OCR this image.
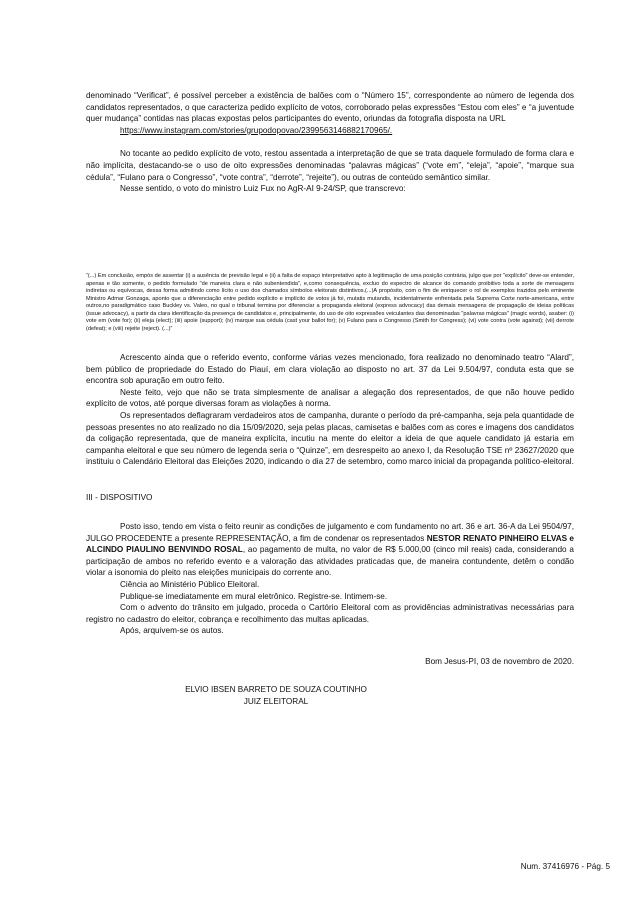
denominado “Verificat”, é possível perceber a existência de balões com o “Número 15”, correspondente ao número de legenda dos candidatos representados, o que caracteriza pedido explícito de votos, corroborado pelas expressões “Estou com eles” e “a juventude quer mudança” contidas nas placas expostas pelos participantes do evento, oriundas da fotografia disposta na URL

https://www.instagram.com/stories/grupodopovao/2399563146882170965/.

No tocante ao pedido explícito de voto, restou assentada a interpretação de que se trata daquele formulado de forma clara e não implícita, destacando-se o uso de oito expressões denominadas “palavras mágicas” (“vote em”, “eleja”, “apoie”, “marque sua cédula”, “Fulano para o Congresso”, “vote contra”, “derrote”, “rejeite”), ou outras de conteúdo semântico similar.

Nesse sentido, o voto do ministro Luiz Fux no AgR-AI 9-24/SP, que transcrevo:

“(...) Em conclusão, empós de assentar (i) a ausência de previsão legal e (ii) a falta de espaço interpretativo apto à legitimação de uma posição contrária, julgo que por "explícito" deve-se entender, apenas e tão somente, o pedido formulado "de maneira clara e não subentendida", e,como consequência, excluo do espectro de alcance do comando proibitivo toda a sorte de mensagens indiretas ou equívocas, dessa forma admitindo como lícito o uso dos chamados símbolos eleitorais distintivos.(...)A propósito, com o fim de enriquecer o rol de exemplos trazidos pelo eminente Ministro Admar Gonzaga, aponto que a diferenciação entre pedido explícito e implícito de votos já foi, mutatis mutandis, incidentalmente enfrentada pela Suprema Corte norte-americana, entre outros,no paradigmático caso Buckley vs. Valeo, no qual o tribunal termina por diferenciar a propaganda eleitoral (express advocacy) das demais mensagens de propagação de ideias políticas (issue advocacy), a partir da clara identificação da presença de candidatos e, principalmente, do uso de oito expressões veiculantes das denominadas "palavras mágicas" (magic words), asaber: (i) vote em (vote for); (ii) eleja (elect); (iii) apoie (support); (iv) marque sua cédula (cast your ballot for); (v) Fulano para o Congresso (Smith for Congress); (vi) vote contra (vote against); (vii) derrote (defeat); e (viii) rejeite (reject). (...)”

Acrescento ainda que o referido evento, conforme várias vezes mencionado, fora realizado no denominado teatro “Alard”, bem público de propriedade do Estado do Piauí, em clara violação ao disposto no art. 37 da Lei 9.504/97, conduta esta que se encontra sob apuração em outro feito.

Neste feito, vejo que não se trata simplesmente de analisar a alegação dos representados, de que não houve pedido explícito de votos, até porque diversas foram as violações à norma.

Os representados deflagraram verdadeiros atos de campanha, durante o período da pré-campanha, seja pela quantidade de pessoas presentes no ato realizado no dia 15/09/2020, seja pelas placas, camisetas e balões com as cores e imagens dos candidatos da coligação representada, que de maneira explícita, incutiu na mente do eleitor a ideia de que aquele candidato já estaria em campanha eleitoral e que seu número de legenda seria o “Quinze”, em desrespeito ao anexo I, da Resolução TSE nº 23627/2020 que instituiu o Calendário Eleitoral das Eleições 2020, indicando o dia 27 de setembro, como marco inicial da propaganda político-eleitoral.

III - DISPOSITIVO

Posto isso, tendo em vista o feito reunir as condições de julgamento e com fundamento no art. 36 e art. 36-A da Lei 9504/97, JULGO PROCEDENTE a presente REPRESENTAÇÃO, a fim de condenar os representados NESTOR RENATO PINHEIRO ELVAS e ALCINDO PIAULINO BENVINDO ROSAL, ao pagamento de multa, no valor de R$ 5.000,00 (cinco mil reais) cada, considerando a participação de ambos no referido evento e a valoração das atividades praticadas que, de maneira contundente, detêm o condão violar a isonomia do pleito nas eleições municipais do corrente ano.

Ciência ao Ministério Público Eleitoral.

Publique-se imediatamente em mural eletrônico. Registre-se. Intimem-se.

Com o advento do trânsito em julgado, proceda o Cartório Eleitoral com as providências administrativas necessárias para registro no cadastro do eleitor, cobrança e recolhimento das multas aplicadas.

Após, arquivem-se os autos.

Bom Jesus-PI, 03 de novembro de 2020.

ELVIO IBSEN BARRETO DE SOUZA COUTINHO

JUIZ ELEITORAL

Num. 37416976 - Pág. 5
